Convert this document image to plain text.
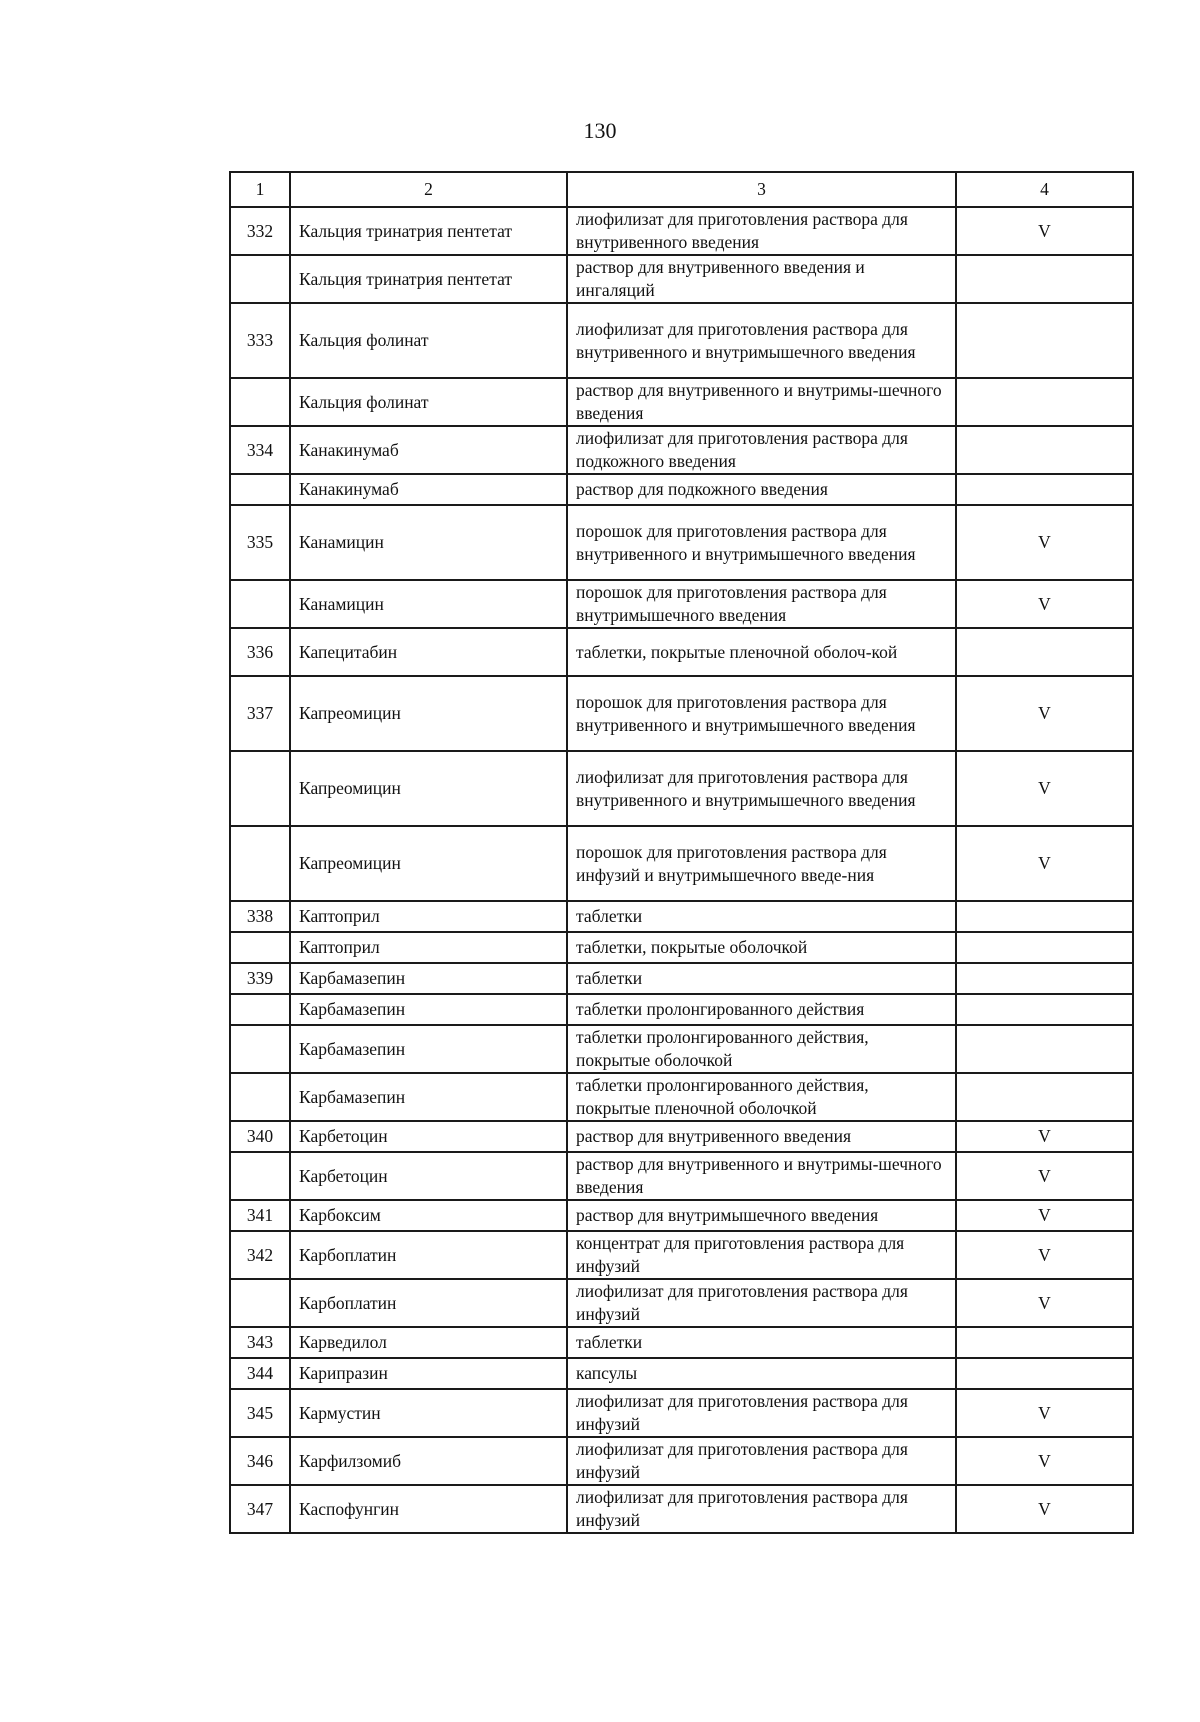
130
1	2	3	4
332	Кальция тринатрия пентетат	лиофилизат для приготовления раствора для внутривенного введения	V
	Кальция тринатрия пентетат	раствор для внутривенного введения и ингаляций	
333	Кальция фолинат	лиофилизат для приготовления раствора для внутривенного и внутримышечного введения	
	Кальция фолинат	раствор для внутривенного и внутримы-шечного введения	
334	Канакинумаб	лиофилизат для приготовления раствора для подкожного введения	
	Канакинумаб	раствор для подкожного введения	
335	Канамицин	порошок для приготовления раствора для внутривенного и внутримышечного введения	V
	Канамицин	порошок для приготовления раствора для внутримышечного введения	V
336	Капецитабин	таблетки, покрытые пленочной оболоч-кой	
337	Капреомицин	порошок для приготовления раствора для внутривенного и внутримышечного введения	V
	Капреомицин	лиофилизат для приготовления раствора для внутривенного и внутримышечного введения	V
	Капреомицин	порошок для приготовления раствора для инфузий и внутримышечного введе-ния	V
338	Каптоприл	таблетки	
	Каптоприл	таблетки, покрытые оболочкой	
339	Карбамазепин	таблетки	
	Карбамазепин	таблетки пролонгированного действия	
	Карбамазепин	таблетки пролонгированного действия, покрытые оболочкой	
	Карбамазепин	таблетки пролонгированного действия, покрытые пленочной оболочкой	
340	Карбетоцин	раствор для внутривенного введения	V
	Карбетоцин	раствор для внутривенного и внутримы-шечного введения	V
341	Карбоксим	раствор для внутримышечного введения	V
342	Карбоплатин	концентрат для приготовления раствора для инфузий	V
	Карбоплатин	лиофилизат для приготовления раствора для инфузий	V
343	Карведилол	таблетки	
344	Карипразин	капсулы	
345	Кармустин	лиофилизат для приготовления раствора для инфузий	V
346	Карфилзомиб	лиофилизат для приготовления раствора для инфузий	V
347	Каспофунгин	лиофилизат для приготовления раствора для инфузий	V
